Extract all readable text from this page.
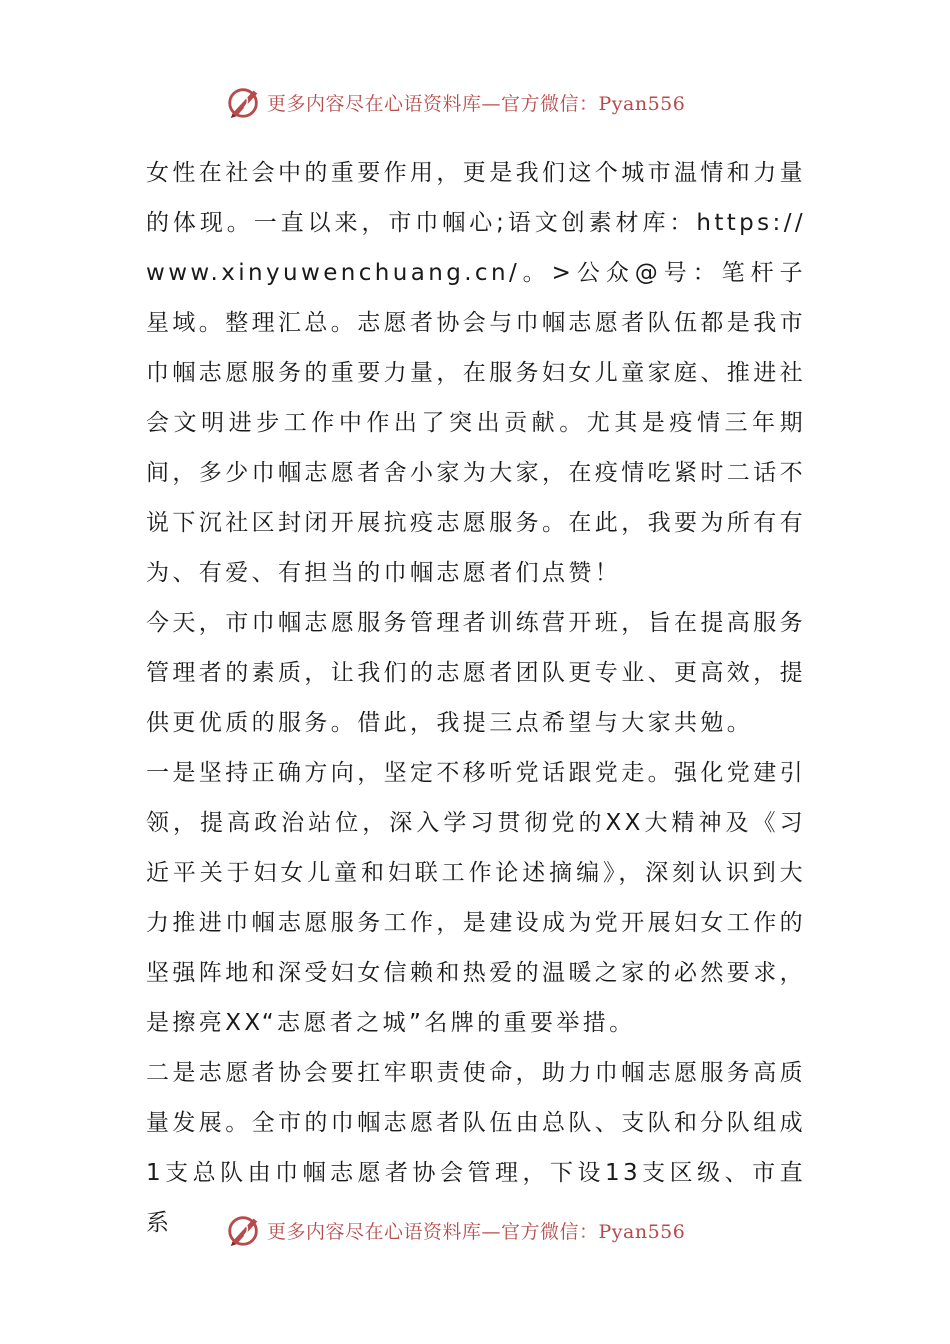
更多内容尽在心语资料库—官方微信：Pyan556

女性在社会中的重要作用，更是我们这个城市温情和力量的体现。一直以来，市巾帼心;语文创素材库：https://www.xinyuwenchuang.cn/。>公众@号：笔杆子星域。整理汇总。志愿者协会与巾帼志愿者队伍都是我市巾帼志愿服务的重要力量，在服务妇女儿童家庭、推进社会文明进步工作中作出了突出贡献。尤其是疫情三年期间，多少巾帼志愿者舍小家为大家，在疫情吃紧时二话不说下沉社区封闭开展抗疫志愿服务。在此，我要为所有有为、有爱、有担当的巾帼志愿者们点赞！

今天，市巾帼志愿服务管理者训练营开班，旨在提高服务管理者的素质，让我们的志愿者团队更专业、更高效，提供更优质的服务。借此，我提三点希望与大家共勉。

一是坚持正确方向，坚定不移听党话跟党走。强化党建引领，提高政治站位，深入学习贯彻党的XX大精神及《习近平关于妇女儿童和妇联工作论述摘编》，深刻认识到大力推进巾帼志愿服务工作，是建设成为党开展妇女工作的坚强阵地和深受妇女信赖和热爱的温暖之家的必然要求，是擦亮XX“志愿者之城”名牌的重要举措。

二是志愿者协会要扛牢职责使命，助力巾帼志愿服务高质量发展。全市的巾帼志愿者队伍由总队、支队和分队组成1支总队由巾帼志愿者协会管理，下设13支区级、市直系	更多内容尽在心语资料库—官方微信：Pyan556
